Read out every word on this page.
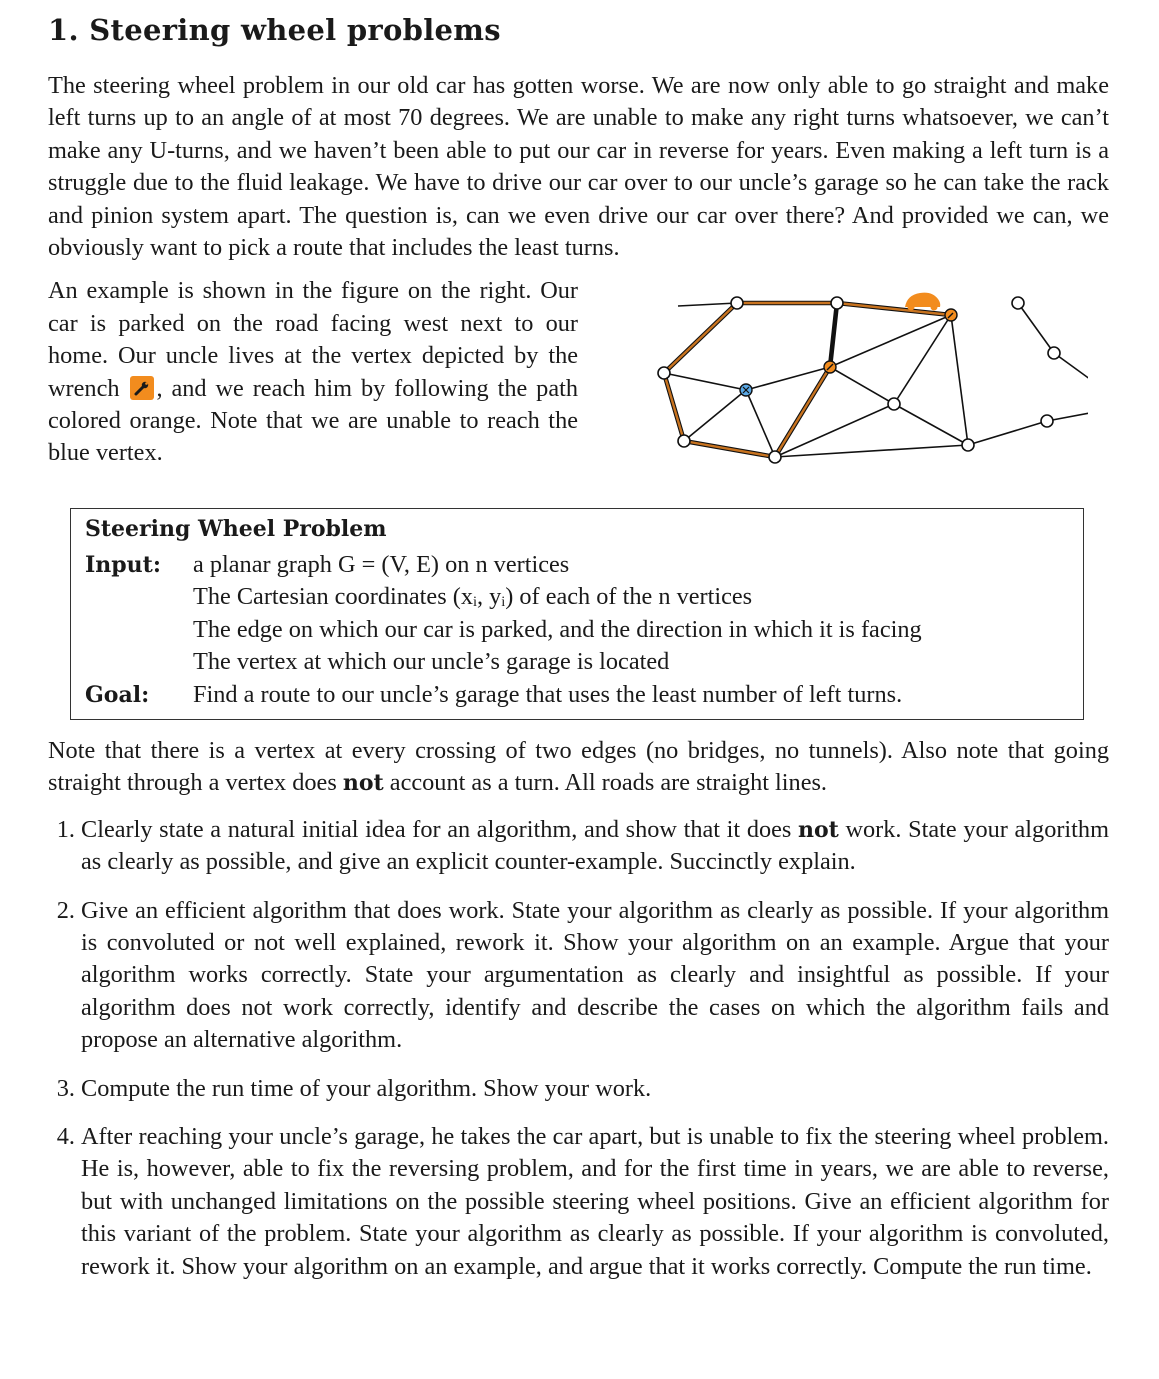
1. Steering wheel problems

The steering wheel problem in our old car has gotten worse. We are now only able to go straight and make left turns up to an angle of at most 70 degrees. We are unable to make any right turns whatsoever, we can’t make any U-turns, and we haven’t been able to put our car in reverse for years. Even making a left turn is a struggle due to the fluid leakage. We have to drive our car over to our uncle’s garage so he can take the rack and pinion system apart. The question is, can we even drive our car over there? And provided we can, we obviously want to pick a route that includes the least turns.

An example is shown in the figure on the right. Our car is parked on the road facing west next to our home. Our uncle lives at the vertex depicted by the wrench , and we reach him by following the path colored orange. Note that we are unable to reach the blue vertex.

Steering Wheel Problem
Input: a planar graph G = (V, E) on n vertices
The Cartesian coordinates (xᵢ, yᵢ) of each of the n vertices
The edge on which our car is parked, and the direction in which it is facing
The vertex at which our uncle’s garage is located
Goal: Find a route to our uncle’s garage that uses the least number of left turns.

Note that there is a vertex at every crossing of two edges (no bridges, no tunnels). Also note that going straight through a vertex does not account as a turn. All roads are straight lines.

1. Clearly state a natural initial idea for an algorithm, and show that it does not work. State your algorithm as clearly as possible, and give an explicit counter-example. Succinctly explain.
2. Give an efficient algorithm that does work. State your algorithm as clearly as possible. If your algorithm is convoluted or not well explained, rework it. Show your algorithm on an example. Argue that your algorithm works correctly. State your argumentation as clearly and insightful as possible. If your algorithm does not work correctly, identify and describe the cases on which the algorithm fails and propose an alternative algorithm.
3. Compute the run time of your algorithm. Show your work.
4. After reaching your uncle’s garage, he takes the car apart, but is unable to fix the steering wheel problem. He is, however, able to fix the reversing problem, and for the first time in years, we are able to reverse, but with unchanged limitations on the possible steering wheel positions. Give an efficient algorithm for this variant of the problem. State your algorithm as clearly as possible. If your algorithm is convoluted, rework it. Show your algorithm on an example, and argue that it works correctly. Compute the run time.
